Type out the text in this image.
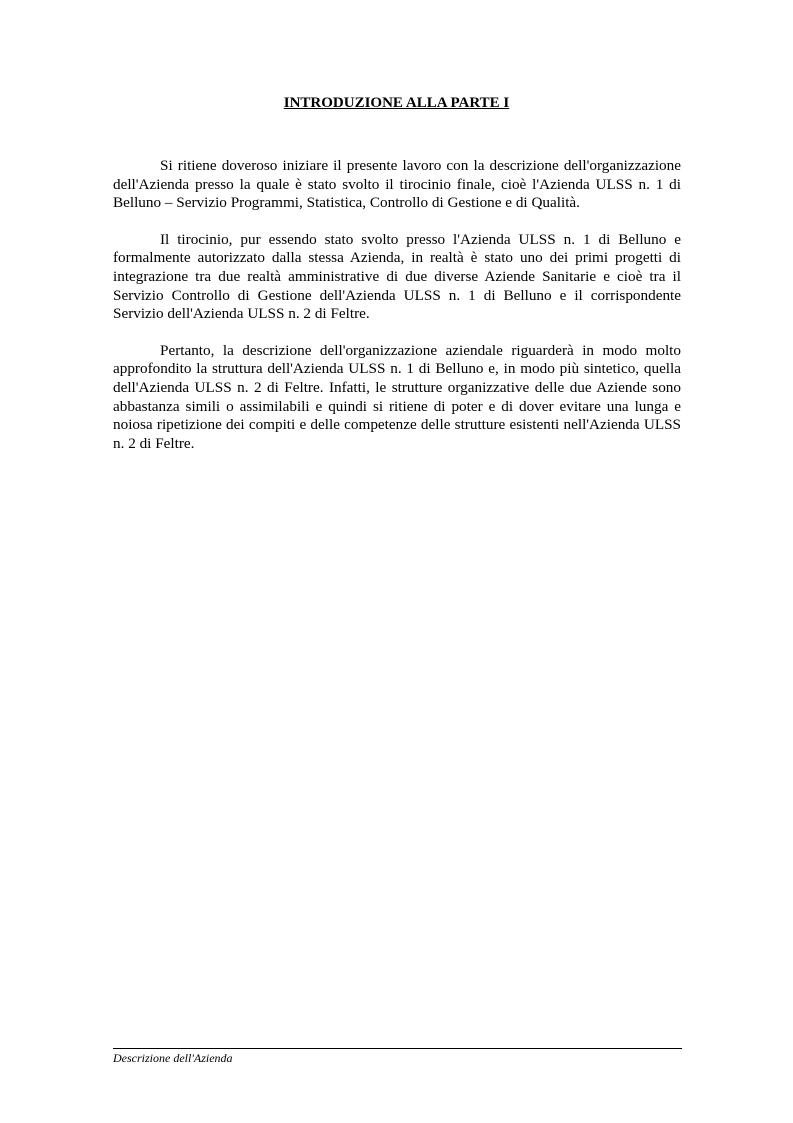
INTRODUZIONE ALLA PARTE I

Si ritiene doveroso iniziare il presente lavoro con la descrizione dell'organizzazione dell'Azienda presso la quale è stato svolto il tirocinio finale, cioè l'Azienda ULSS n. 1 di Belluno – Servizio Programmi, Statistica, Controllo di Gestione e di Qualità.

Il tirocinio, pur essendo stato svolto presso l'Azienda ULSS n. 1 di Belluno e formalmente autorizzato dalla stessa Azienda, in realtà è stato uno dei primi progetti di integrazione tra due realtà amministrative di due diverse Aziende Sanitarie e cioè tra il Servizio Controllo di Gestione dell'Azienda ULSS n. 1 di Belluno e il corrispondente Servizio dell'Azienda ULSS n. 2 di Feltre.

Pertanto, la descrizione dell'organizzazione aziendale riguarderà in modo molto approfondito la struttura dell'Azienda ULSS n. 1 di Belluno e, in modo più sintetico, quella dell'Azienda ULSS n. 2 di Feltre. Infatti, le strutture organizzative delle due Aziende sono abbastanza simili o assimilabili e quindi si ritiene di poter e di dover evitare una lunga e noiosa ripetizione dei compiti e delle competenze delle strutture esistenti nell'Azienda ULSS n. 2 di Feltre.

Descrizione dell'Azienda
